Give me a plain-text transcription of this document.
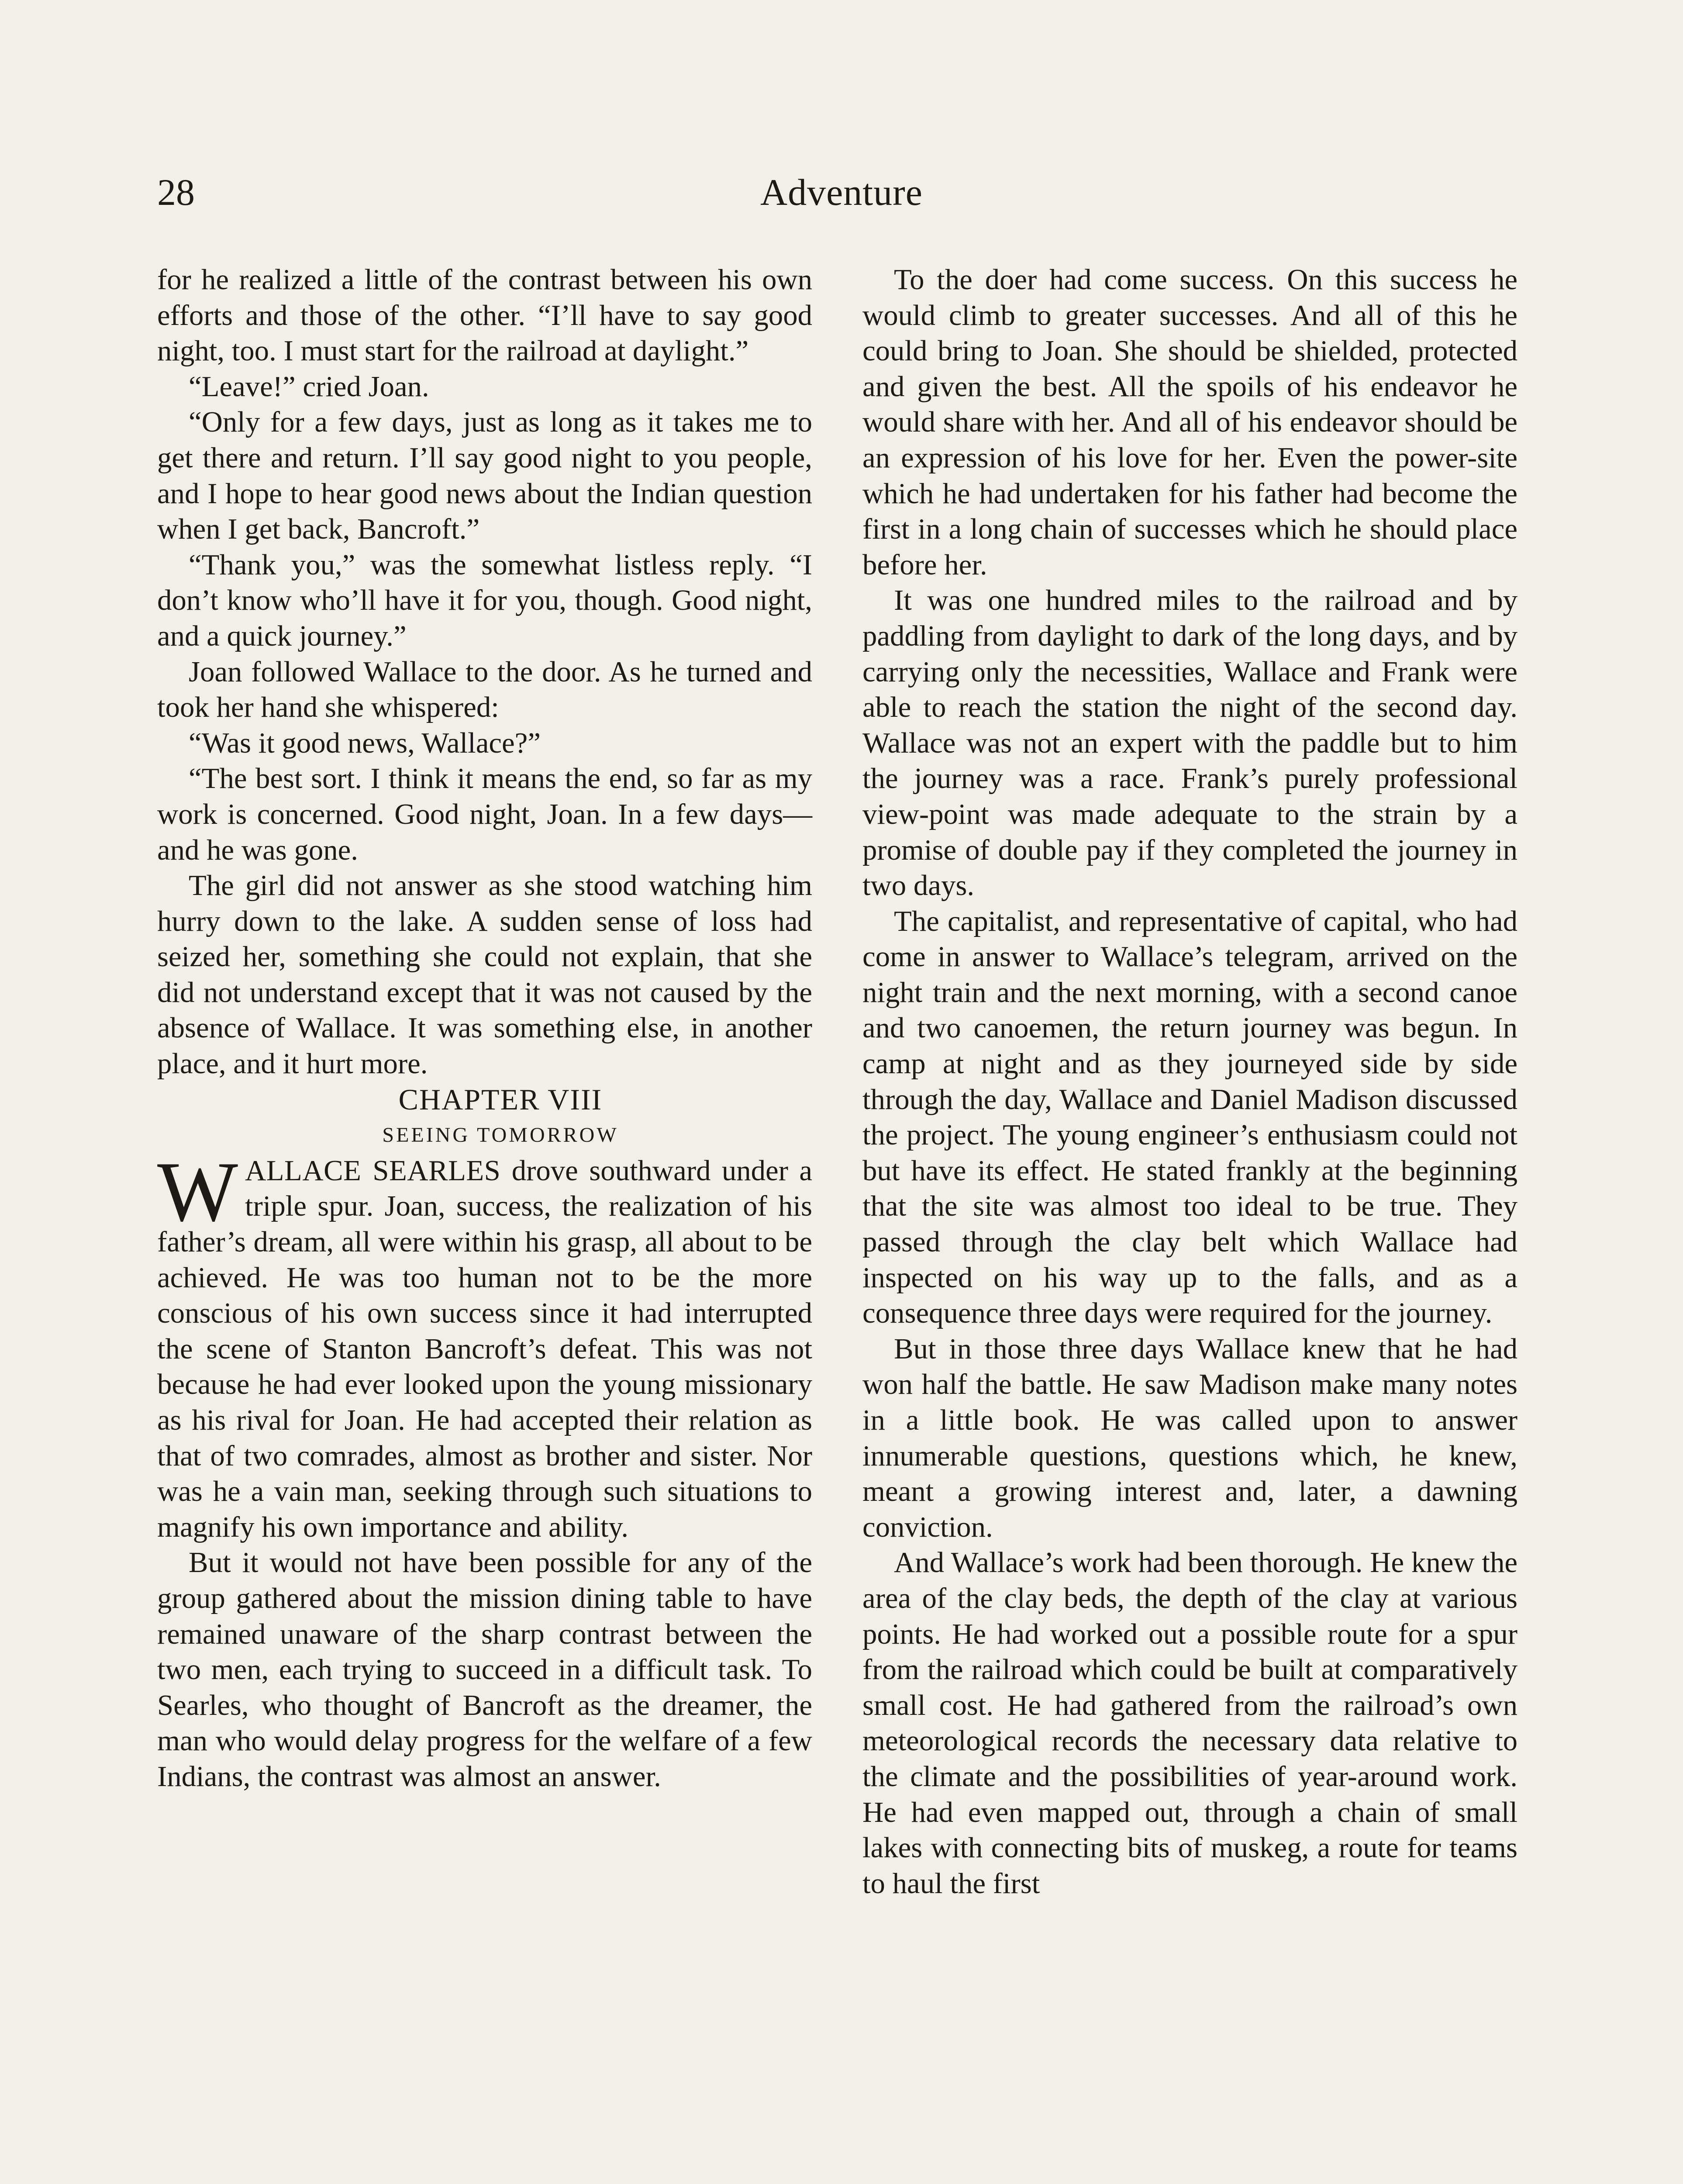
28	Adventure

for he realized a little of the contrast between his own efforts and those of the other. “I’ll have to say good night, too. I must start for the railroad at daylight.”

“Leave!” cried Joan.

“Only for a few days, just as long as it takes me to get there and return. I’ll say good night to you people, and I hope to hear good news about the Indian question when I get back, Bancroft.”

“Thank you,” was the somewhat listless reply. “I don’t know who’ll have it for you, though. Good night, and a quick journey.”

Joan followed Wallace to the door. As he turned and took her hand she whispered:

“Was it good news, Wallace?”

“The best sort. I think it means the end, so far as my work is concerned. Good night, Joan. In a few days—and he was gone.

The girl did not answer as she stood watching him hurry down to the lake. A sudden sense of loss had seized her, something she could not explain, that she did not understand except that it was not caused by the absence of Wallace. It was something else, in another place, and it hurt more.

CHAPTER VIII

SEEING TOMORROW

WALLACE SEARLES drove southward under a triple spur. Joan, success, the realization of his father’s dream, all were within his grasp, all about to be achieved. He was too human not to be the more conscious of his own success since it had interrupted the scene of Stanton Bancroft’s defeat. This was not because he had ever looked upon the young missionary as his rival for Joan. He had accepted their relation as that of two comrades, almost as brother and sister. Nor was he a vain man, seeking through such situations to magnify his own importance and ability.

But it would not have been possible for any of the group gathered about the mission dining table to have remained unaware of the sharp contrast between the two men, each trying to succeed in a difficult task. To Searles, who thought of Bancroft as the dreamer, the man who would delay progress for the welfare of a few Indians, the contrast was almost an answer.

To the doer had come success. On this success he would climb to greater successes. And all of this he could bring to Joan. She should be shielded, protected and given the best. All the spoils of his endeavor he would share with her. And all of his endeavor should be an expression of his love for her. Even the power-site which he had undertaken for his father had become the first in a long chain of successes which he should place before her.

It was one hundred miles to the railroad and by paddling from daylight to dark of the long days, and by carrying only the necessities, Wallace and Frank were able to reach the station the night of the second day. Wallace was not an expert with the paddle but to him the journey was a race. Frank’s purely professional view-point was made adequate to the strain by a promise of double pay if they completed the journey in two days.

The capitalist, and representative of capital, who had come in answer to Wallace’s telegram, arrived on the night train and the next morning, with a second canoe and two canoemen, the return journey was begun. In camp at night and as they journeyed side by side through the day, Wallace and Daniel Madison discussed the project. The young engineer’s enthusiasm could not but have its effect. He stated frankly at the beginning that the site was almost too ideal to be true. They passed through the clay belt which Wallace had inspected on his way up to the falls, and as a consequence three days were required for the journey.

But in those three days Wallace knew that he had won half the battle. He saw Madison make many notes in a little book. He was called upon to answer innumerable questions, questions which, he knew, meant a growing interest and, later, a dawning conviction.

And Wallace’s work had been thorough. He knew the area of the clay beds, the depth of the clay at various points. He had worked out a possible route for a spur from the railroad which could be built at comparatively small cost. He had gathered from the railroad’s own meteorological records the necessary data relative to the climate and the possibilities of year-around work. He had even mapped out, through a chain of small lakes with connecting bits of muskeg, a route for teams to haul the first
